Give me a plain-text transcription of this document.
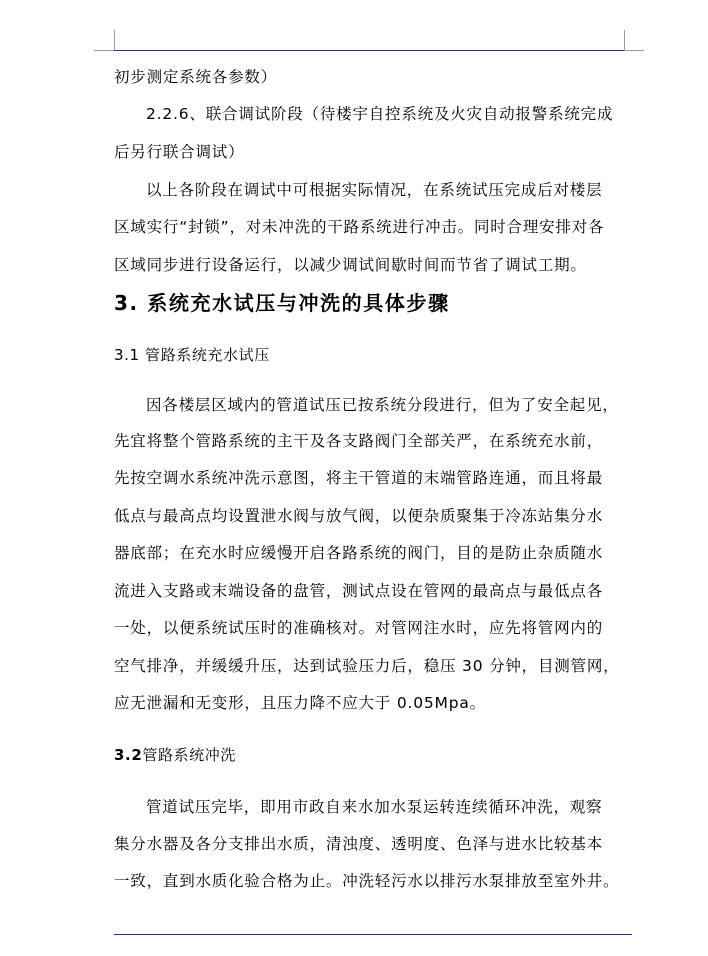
初步测定系统各参数）
2.2.6、联合调试阶段（待楼宇自控系统及火灾自动报警系统完成
后另行联合调试）
以上各阶段在调试中可根据实际情况，在系统试压完成后对楼层
区域实行“封锁”，对未冲洗的干路系统进行冲击。同时合理安排对各
区域同步进行设备运行，以减少调试间歇时间而节省了调试工期。
3. 系统充水试压与冲洗的具体步骤
3.1 管路系统充水试压
因各楼层区域内的管道试压已按系统分段进行，但为了安全起见，
先宜将整个管路系统的主干及各支路阀门全部关严，在系统充水前，
先按空调水系统冲洗示意图，将主干管道的末端管路连通，而且将最
低点与最高点均设置泄水阀与放气阀，以便杂质聚集于冷冻站集分水
器底部；在充水时应缓慢开启各路系统的阀门，目的是防止杂质随水
流进入支路或末端设备的盘管，测试点设在管网的最高点与最低点各
一处，以便系统试压时的准确核对。对管网注水时，应先将管网内的
空气排净，并缓缓升压，达到试验压力后，稳压 30 分钟，目测管网，
应无泄漏和无变形，且压力降不应大于 0.05Mpa。
3.2管路系统冲洗
管道试压完毕，即用市政自来水加水泵运转连续循环冲洗，观察
集分水器及各分支排出水质，清浊度、透明度、色泽与进水比较基本
一致，直到水质化验合格为止。冲洗轻污水以排污水泵排放至室外井。
